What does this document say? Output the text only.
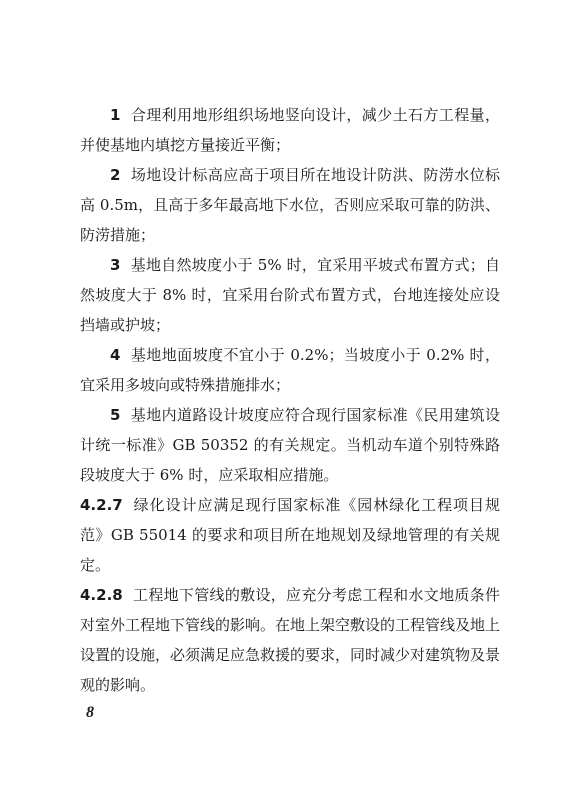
1 合理利用地形组织场地竖向设计，减少土石方工程量，并使基地内填挖方量接近平衡；

2 场地设计标高应高于项目所在地设计防洪、防涝水位标高 0.5m，且高于多年最高地下水位，否则应采取可靠的防洪、防涝措施；

3 基地自然坡度小于 5% 时，宜采用平坡式布置方式；自然坡度大于 8% 时，宜采用台阶式布置方式，台地连接处应设挡墙或护坡；

4 基地地面坡度不宜小于 0.2%；当坡度小于 0.2% 时，宜采用多坡向或特殊措施排水；

5 基地内道路设计坡度应符合现行国家标准《民用建筑设计统一标准》GB 50352 的有关规定。当机动车道个别特殊路段坡度大于 6% 时，应采取相应措施。

4.2.7 绿化设计应满足现行国家标准《园林绿化工程项目规范》GB 55014 的要求和项目所在地规划及绿地管理的有关规定。

4.2.8 工程地下管线的敷设，应充分考虑工程和水文地质条件对室外工程地下管线的影响。在地上架空敷设的工程管线及地上设置的设施，必须满足应急救援的要求，同时减少对建筑物及景观的影响。

8
